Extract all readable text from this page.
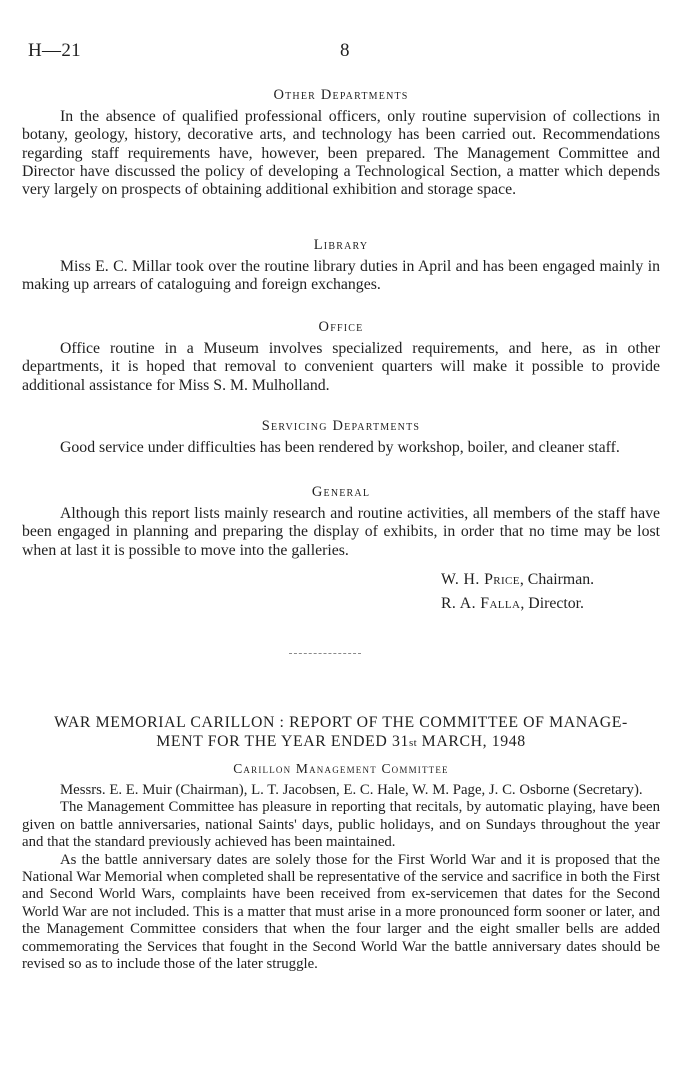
H—21	8

Other Departments

In the absence of qualified professional officers, only routine supervision of collections in botany, geology, history, decorative arts, and technology has been carried out. Recommendations regarding staff requirements have, however, been prepared. The Management Committee and Director have discussed the policy of developing a Technological Section, a matter which depends very largely on prospects of obtaining additional exhibition and storage space.

Library

Miss E. C. Millar took over the routine library duties in April and has been engaged mainly in making up arrears of cataloguing and foreign exchanges.

Office

Office routine in a Museum involves specialized requirements, and here, as in other departments, it is hoped that removal to convenient quarters will make it possible to provide additional assistance for Miss S. M. Mulholland.

Servicing Departments

Good service under difficulties has been rendered by workshop, boiler, and cleaner staff.

General

Although this report lists mainly research and routine activities, all members of the staff have been engaged in planning and preparing the display of exhibits, in order that no time may be lost when at last it is possible to move into the galleries.

W. H. Price, Chairman.
R. A. Falla, Director.
WAR MEMORIAL CARILLON : REPORT OF THE COMMITTEE OF MANAGE-
MENT FOR THE YEAR ENDED 31st MARCH, 1948

Carillon Management Committee

Messrs. E. E. Muir (Chairman), L. T. Jacobsen, E. C. Hale, W. M. Page, J. C. Osborne (Secretary).

The Management Committee has pleasure in reporting that recitals, by automatic playing, have been given on battle anniversaries, national Saints' days, public holidays, and on Sundays throughout the year and that the standard previously achieved has been maintained.

As the battle anniversary dates are solely those for the First World War and it is proposed that the National War Memorial when completed shall be representative of the service and sacrifice in both the First and Second World Wars, complaints have been received from ex-servicemen that dates for the Second World War are not included. This is a matter that must arise in a more pronounced form sooner or later, and the Management Committee considers that when the four larger and the eight smaller bells are added commemorating the Services that fought in the Second World War the battle anniversary dates should be revised so as to include those of the later struggle.
